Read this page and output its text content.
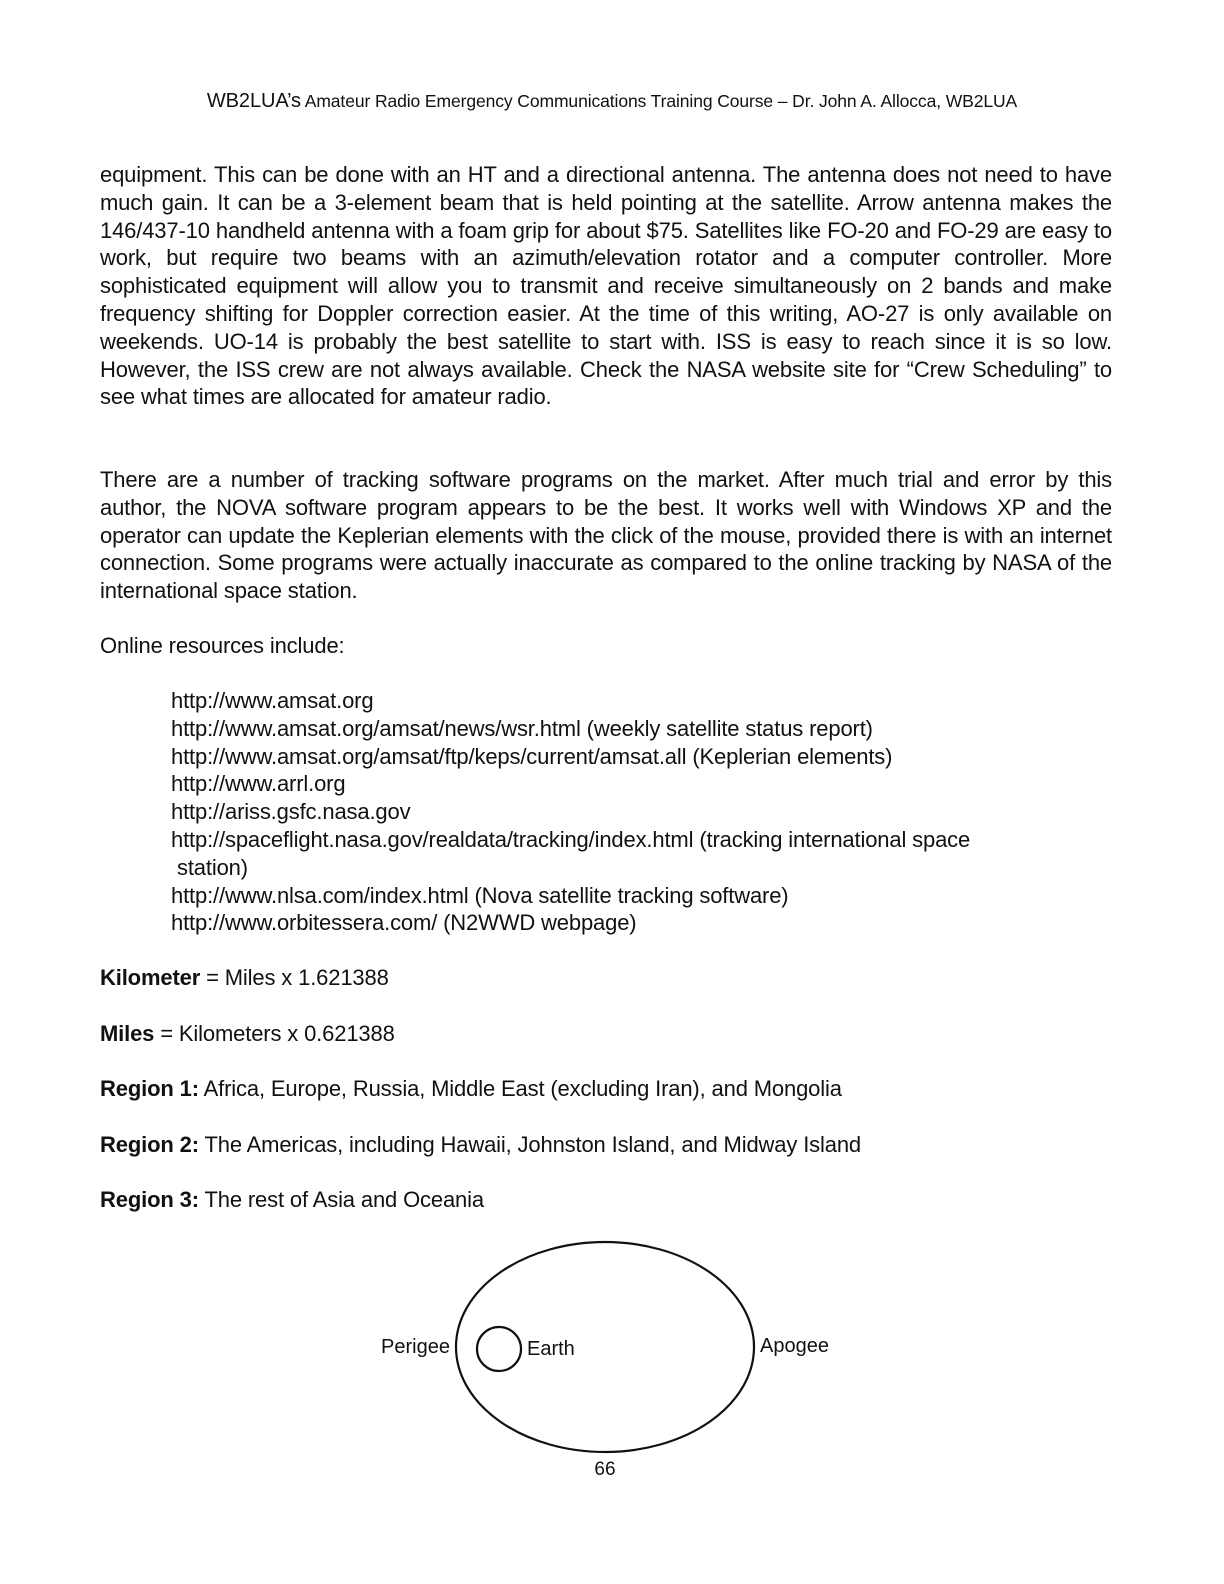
WB2LUA’s Amateur Radio Emergency Communications Training Course – Dr. John A. Allocca, WB2LUA
equipment. This can be done with an HT and a directional antenna. The antenna does not need to have much gain. It can be a 3-element beam that is held pointing at the satellite. Arrow antenna makes the 146/437-10 handheld antenna with a foam grip for about $75. Satellites like FO-20 and FO-29 are easy to work, but require two beams with an azimuth/elevation rotator and a computer controller. More sophisticated equipment will allow you to transmit and receive simultaneously on 2 bands and make frequency shifting for Doppler correction easier. At the time of this writing, AO-27 is only available on weekends. UO-14 is probably the best satellite to start with. ISS is easy to reach since it is so low. However, the ISS crew are not always available. Check the NASA website site for “Crew Scheduling” to see what times are allocated for amateur radio.
There are a number of tracking software programs on the market. After much trial and error by this author, the NOVA software program appears to be the best. It works well with Windows XP and the operator can update the Keplerian elements with the click of the mouse, provided there is with an internet connection. Some programs were actually inaccurate as compared to the online tracking by NASA of the international space station.
Online resources include:
http://www.amsat.org
http://www.amsat.org/amsat/news/wsr.html (weekly satellite status report)
http://www.amsat.org/amsat/ftp/keps/current/amsat.all (Keplerian elements)
http://www.arrl.org
http://ariss.gsfc.nasa.gov
http://spaceflight.nasa.gov/realdata/tracking/index.html (tracking international space
station)
http://www.nlsa.com/index.html (Nova satellite tracking software)
http://www.orbitessera.com/ (N2WWD webpage)
Kilometer = Miles x 1.621388
Miles = Kilometers x 0.621388
Region 1: Africa, Europe, Russia, Middle East (excluding Iran), and Mongolia
Region 2: The Americas, including Hawaii, Johnston Island, and Midway Island
Region 3: The rest of Asia and Oceania
Perigee	Earth	Apogee
66
